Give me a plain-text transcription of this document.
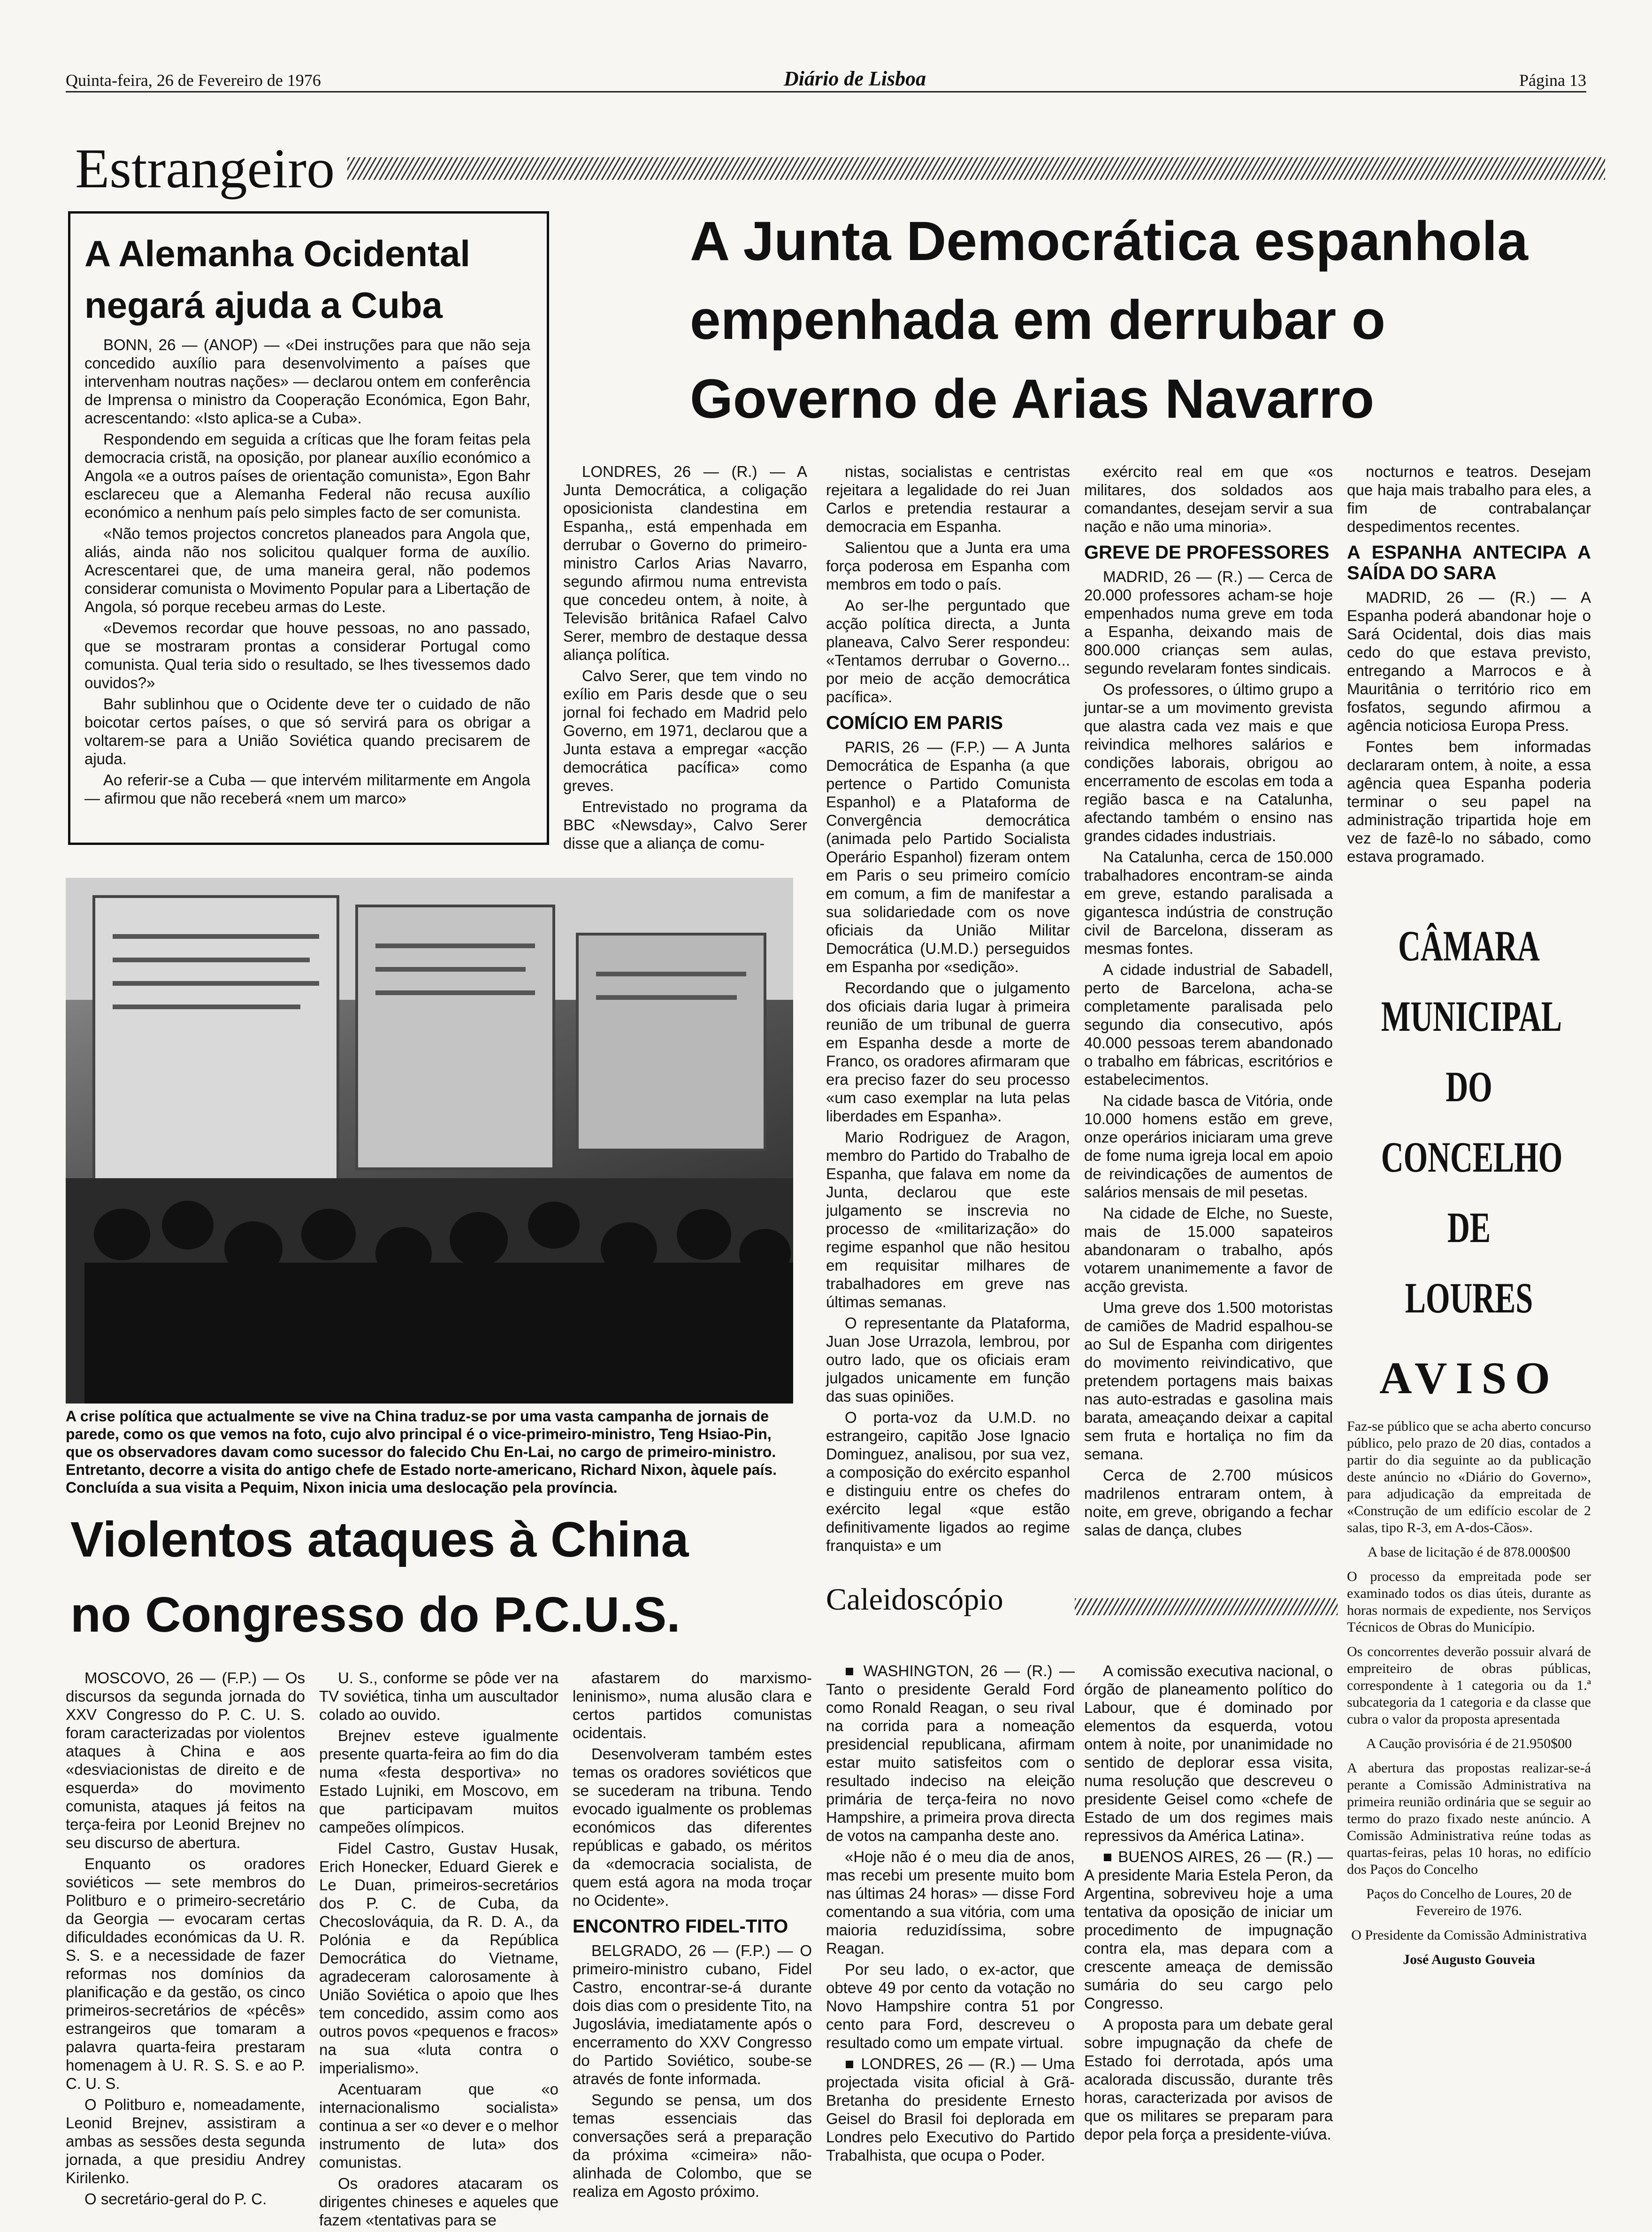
Quinta-feira, 26 de Fevereiro de 1976	Diário de Lisboa	Página 13
Estrangeiro
A Alemanha Ocidental negará ajuda a Cuba

BONN, 26 — (ANOP) — «Dei instruções para que não seja concedido auxílio para desenvolvimento a países que intervenham noutras nações» — declarou ontem em conferência de Imprensa o ministro da Cooperação Económica, Egon Bahr, acrescentando: «Isto aplica-se a Cuba».

Respondendo em seguida a críticas que lhe foram feitas pela democracia cristã, na oposição, por planear auxílio económico a Angola «e a outros países de orientação comunista», Egon Bahr esclareceu que a Alemanha Federal não recusa auxílio económico a nenhum país pelo simples facto de ser comunista.

«Não temos projectos concretos planeados para Angola que, aliás, ainda não nos solicitou qualquer forma de auxílio. Acrescentarei que, de uma maneira geral, não podemos considerar comunista o Movimento Popular para a Libertação de Angola, só porque recebeu armas do Leste.

«Devemos recordar que houve pessoas, no ano passado, que se mostraram prontas a considerar Portugal como comunista. Qual teria sido o resultado, se lhes tivessemos dado ouvidos?»

Bahr sublinhou que o Ocidente deve ter o cuidado de não boicotar certos países, o que só servirá para os obrigar a voltarem-se para a União Soviética quando precisarem de ajuda.

Ao referir-se a Cuba — que intervém militarmente em Angola — afirmou que não receberá «nem um marco»

A Junta Democrática espanhola empenhada em derrubar o Governo de Arias Navarro

LONDRES, 26 — (R.) — A Junta Democrática, a coligação oposicionista clandestina em Espanha,, está empenhada em derrubar o Governo do primeiro-ministro Carlos Arias Navarro, segundo afirmou numa entrevista que concedeu ontem, à noite, à Televisão britânica Rafael Calvo Serer, membro de destaque dessa aliança política.

Calvo Serer, que tem vindo no exílio em Paris desde que o seu jornal foi fechado em Madrid pelo Governo, em 1971, declarou que a Junta estava a empregar «acção democrática pacífica» como greves.

Entrevistado no programa da BBC «Newsday», Calvo Serer disse que a aliança de comu-

nistas, socialistas e centristas rejeitara a legalidade do rei Juan Carlos e pretendia restaurar a democracia em Espanha.

Salientou que a Junta era uma força poderosa em Espanha com membros em todo o país.

Ao ser-lhe perguntado que acção política directa, a Junta planeava, Calvo Serer respondeu: «Tentamos derrubar o Governo... por meio de acção democrática pacífica».

COMÍCIO EM PARIS

PARIS, 26 — (F.P.) — A Junta Democrática de Espanha (a que pertence o Partido Comunista Espanhol) e a Plataforma de Convergência democrática (animada pelo Partido Socialista Operário Espanhol) fizeram ontem em Paris o seu primeiro comício em comum, a fim de manifestar a sua solidariedade com os nove oficiais da União Militar Democrática (U.M.D.) perseguidos em Espanha por «sedição».

Recordando que o julgamento dos oficiais daria lugar à primeira reunião de um tribunal de guerra em Espanha desde a morte de Franco, os oradores afirmaram que era preciso fazer do seu processo «um caso exemplar na luta pelas liberdades em Espanha».

Mario Rodriguez de Aragon, membro do Partido do Trabalho de Espanha, que falava em nome da Junta, declarou que este julgamento se inscrevia no processo de «militarização» do regime espanhol que não hesitou em requisitar milhares de trabalhadores em greve nas últimas semanas.

O representante da Plataforma, Juan Jose Urrazola, lembrou, por outro lado, que os oficiais eram julgados unicamente em função das suas opiniões.

O porta-voz da U.M.D. no estrangeiro, capitão Jose Ignacio Dominguez, analisou, por sua vez, a composição do exército espanhol e distinguiu entre os chefes do exército legal «que estão definitivamente ligados ao regime franquista» e um

exército real em que «os militares, dos soldados aos comandantes, desejam servir a sua nação e não uma minoria».

GREVE DE PROFESSORES

MADRID, 26 — (R.) — Cerca de 20.000 professores acham-se hoje empenhados numa greve em toda a Espanha, deixando mais de 800.000 crianças sem aulas, segundo revelaram fontes sindicais.

Os professores, o último grupo a juntar-se a um movimento grevista que alastra cada vez mais e que reivindica melhores salários e condições laborais, obrigou ao encerramento de escolas em toda a região basca e na Catalunha, afectando também o ensino nas grandes cidades industriais.

Na Catalunha, cerca de 150.000 trabalhadores encontram-se ainda em greve, estando paralisada a gigantesca indústria de construção civil de Barcelona, disseram as mesmas fontes.

A cidade industrial de Sabadell, perto de Barcelona, acha-se completamente paralisada pelo segundo dia consecutivo, após 40.000 pessoas terem abandonado o trabalho em fábricas, escritórios e estabelecimentos.

Na cidade basca de Vitória, onde 10.000 homens estão em greve, onze operários iniciaram uma greve de fome numa igreja local em apoio de reivindicações de aumentos de salários mensais de mil pesetas.

Na cidade de Elche, no Sueste, mais de 15.000 sapateiros abandonaram o trabalho, após votarem unanimemente a favor de acção grevista.

Uma greve dos 1.500 motoristas de camiões de Madrid espalhou-se ao Sul de Espanha com dirigentes do movimento reivindicativo, que pretendem portagens mais baixas nas auto-estradas e gasolina mais barata, ameaçando deixar a capital sem fruta e hortaliça no fim da semana.

Cerca de 2.700 músicos madrilenos entraram ontem, à noite, em greve, obrigando a fechar salas de dança, clubes

nocturnos e teatros. Desejam que haja mais trabalho para eles, a fim de contrabalançar despedimentos recentes.

A ESPANHA ANTECIPA A SAÍDA DO SARA

MADRID, 26 — (R.) — A Espanha poderá abandonar hoje o Sará Ocidental, dois dias mais cedo do que estava previsto, entregando a Marrocos e à Mauritânia o território rico em fosfatos, segundo afirmou a agência noticiosa Europa Press.

Fontes bem informadas declararam ontem, à noite, a essa agência quea Espanha poderia terminar o seu papel na administração tripartida hoje em vez de fazê-lo no sábado, como estava programado.

A crise política que actualmente se vive na China traduz-se por uma vasta campanha de jornais de parede, como os que vemos na foto, cujo alvo principal é o vice-primeiro-ministro, Teng Hsiao-Pin, que os observadores davam como sucessor do falecido Chu En-Lai, no cargo de primeiro-ministro. Entretanto, decorre a visita do antigo chefe de Estado norte-americano, Richard Nixon, àquele país. Concluída a sua visita a Pequim, Nixon inicia uma deslocação pela província.
Violentos ataques à China no Congresso do P.C.U.S.

MOSCOVO, 26 — (F.P.) — Os discursos da segunda jornada do XXV Congresso do P. C. U. S. foram caracterizadas por violentos ataques à China e aos «desviacionistas de direito e de esquerda» do movimento comunista, ataques já feitos na terça-feira por Leonid Brejnev no seu discurso de abertura.

Enquanto os oradores soviéticos — sete membros do Politburo e o primeiro-secretário da Georgia — evocaram certas dificuldades económicas da U. R. S. S. e a necessidade de fazer reformas nos domínios da planificação e da gestão, os cinco primeiros-secretários de «pécês» estrangeiros que tomaram a palavra quarta-feira prestaram homenagem à U. R. S. S. e ao P. C. U. S.

O Politburo e, nomeadamente, Leonid Brejnev, assistiram a ambas as sessões desta segunda jornada, a que presidiu Andrey Kirilenko.

O secretário-geral do P. C.

U. S., conforme se pôde ver na TV soviética, tinha um auscultador colado ao ouvido.

Brejnev esteve igualmente presente quarta-feira ao fim do dia numa «festa desportiva» no Estado Lujniki, em Moscovo, em que participavam muitos campeões olímpicos.

Fidel Castro, Gustav Husak, Erich Honecker, Eduard Gierek e Le Duan, primeiros-secretários dos P. C. de Cuba, da Checoslováquia, da R. D. A., da Polónia e da República Democrática do Vietname, agradeceram calorosamente à União Soviética o apoio que lhes tem concedido, assim como aos outros povos «pequenos e fracos» na sua «luta contra o imperialismo».

Acentuaram que «o internacionalismo socialista» continua a ser «o dever e o melhor instrumento de luta» dos comunistas.

Os oradores atacaram os dirigentes chineses e aqueles que fazem «tentativas para se

afastarem do marxismo-leninismo», numa alusão clara e certos partidos comunistas ocidentais.

Desenvolveram também estes temas os oradores soviéticos que se sucederam na tribuna. Tendo evocado igualmente os problemas económicos das diferentes repúblicas e gabado, os méritos da «democracia socialista, de quem está agora na moda troçar no Ocidente».

ENCONTRO FIDEL-TITO

BELGRADO, 26 — (F.P.) — O primeiro-ministro cubano, Fidel Castro, encontrar-se-á durante dois dias com o presidente Tito, na Jugoslávia, imediatamente após o encerramento do XXV Congresso do Partido Soviético, soube-se através de fonte informada.

Segundo se pensa, um dos temas essenciais das conversações será a preparação da próxima «cimeira» não-alinhada de Colombo, que se realiza em Agosto próximo.

Caleidoscópio

■ WASHINGTON, 26 — (R.) — Tanto o presidente Gerald Ford como Ronald Reagan, o seu rival na corrida para a nomeação presidencial republicana, afirmam estar muito satisfeitos com o resultado indeciso na eleição primária de terça-feira no novo Hampshire, a primeira prova directa de votos na campanha deste ano.

«Hoje não é o meu dia de anos, mas recebi um presente muito bom nas últimas 24 horas» — disse Ford comentando a sua vitória, com uma maioria reduzidíssima, sobre Reagan.

Por seu lado, o ex-actor, que obteve 49 por cento da votação no Novo Hampshire contra 51 por cento para Ford, descreveu o resultado como um empate virtual.

■ LONDRES, 26 — (R.) — Uma projectada visita oficial à Grã-Bretanha do presidente Ernesto Geisel do Brasil foi deplorada em Londres pelo Executivo do Partido Trabalhista, que ocupa o Poder.

A comissão executiva nacional, o órgão de planeamento político do Labour, que é dominado por elementos da esquerda, votou ontem à noite, por unanimidade no sentido de deplorar essa visita, numa resolução que descreveu o presidente Geisel como «chefe de Estado de um dos regimes mais repressivos da América Latina».

■ BUENOS AIRES, 26 — (R.) — A presidente Maria Estela Peron, da Argentina, sobreviveu hoje a uma tentativa da oposição de iniciar um procedimento de impugnação contra ela, mas depara com a crescente ameaça de demissão sumária do seu cargo pelo Congresso.

A proposta para um debate geral sobre impugnação da chefe de Estado foi derrotada, após uma acalorada discussão, durante três horas, caracterizada por avisos de que os militares se preparam para depor pela força a presidente-viúva.

CÂMARA
MUNICIPAL
DO CONCELHO
DE LOURES
AVISO

Faz-se público que se acha aberto concurso público, pelo prazo de 20 dias, contados a partir do dia seguinte ao da publicação deste anúncio no «Diário do Governo», para adjudicação da empreitada de «Construção de um edifício escolar de 2 salas, tipo R-3, em A-dos-Cãos».

A base de licitação é de 878.000$00

O processo da empreitada pode ser examinado todos os dias úteis, durante as horas normais de expediente, nos Serviços Técnicos de Obras do Município.

Os concorrentes deverão possuir alvará de empreiteiro de obras públicas, correspondente à 1 categoria ou da 1.ª subcategoria da 1 categoria e da classe que cubra o valor da proposta apresentada

A Caução provisória é de 21.950$00

A abertura das propostas realizar-se-á perante a Comissão Administrativa na primeira reunião ordinária que se seguir ao termo do prazo fixado neste anúncio. A Comissão Administrativa reúne todas as quartas-feiras, pelas 10 horas, no edifício dos Paços do Concelho

Paços do Concelho de Loures, 20 de Fevereiro de 1976.

O Presidente da Comissão Administrativa

José Augusto Gouveia
